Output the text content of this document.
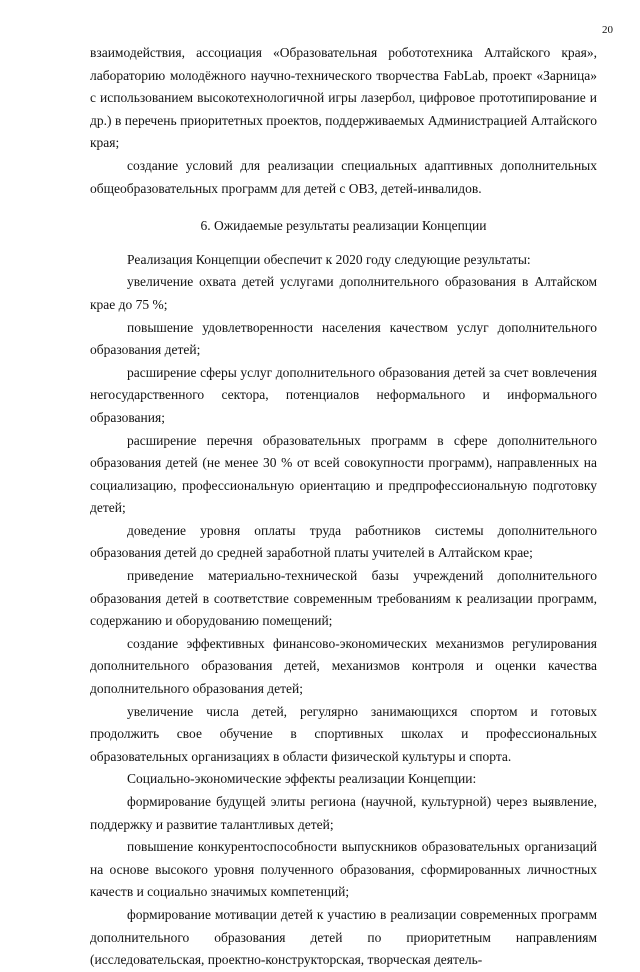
20

взаимодействия, ассоциация «Образовательная робототехника Алтайского края», лабораторию молодёжного научно-технического творчества FabLab, проект «Зарница» с использованием высокотехнологичной игры лазербол, цифровое прототипирование и др.) в перечень приоритетных проектов, поддерживаемых Администрацией Алтайского края;

создание условий для реализации специальных адаптивных дополнительных общеобразовательных программ для детей с ОВЗ, детей-инвалидов.

6. Ожидаемые результаты реализации Концепции

Реализация Концепции обеспечит к 2020 году следующие результаты:

увеличение охвата детей услугами дополнительного образования в Алтайском крае до 75 %;

повышение удовлетворенности населения качеством услуг дополнительного образования детей;

расширение сферы услуг дополнительного образования детей за счет вовлечения негосударственного сектора, потенциалов неформального и информального образования;

расширение перечня образовательных программ в сфере дополнительного образования детей (не менее 30 % от всей совокупности программ), направленных на социализацию, профессиональную ориентацию и предпрофессиональную подготовку детей;

доведение уровня оплаты труда работников системы дополнительного образования детей до средней заработной платы учителей в Алтайском крае;

приведение материально-технической базы учреждений дополнительного образования детей в соответствие современным требованиям к реализации программ, содержанию и оборудованию помещений;

создание эффективных финансово-экономических механизмов регулирования дополнительного образования детей, механизмов контроля и оценки качества дополнительного образования детей;

увеличение числа детей, регулярно занимающихся спортом и готовых продолжить свое обучение в спортивных школах и профессиональных образовательных организациях в области физической культуры и спорта.

Социально-экономические эффекты реализации Концепции:

формирование будущей элиты региона (научной, культурной) через выявление, поддержку и развитие талантливых детей;

повышение конкурентоспособности выпускников образовательных организаций на основе высокого уровня полученного образования, сформированных личностных качеств и социально значимых компетенций;

формирование мотивации детей к участию в реализации современных программ дополнительного образования детей по приоритетным направлениям (исследовательская, проектно-конструкторская, творческая деятель-
